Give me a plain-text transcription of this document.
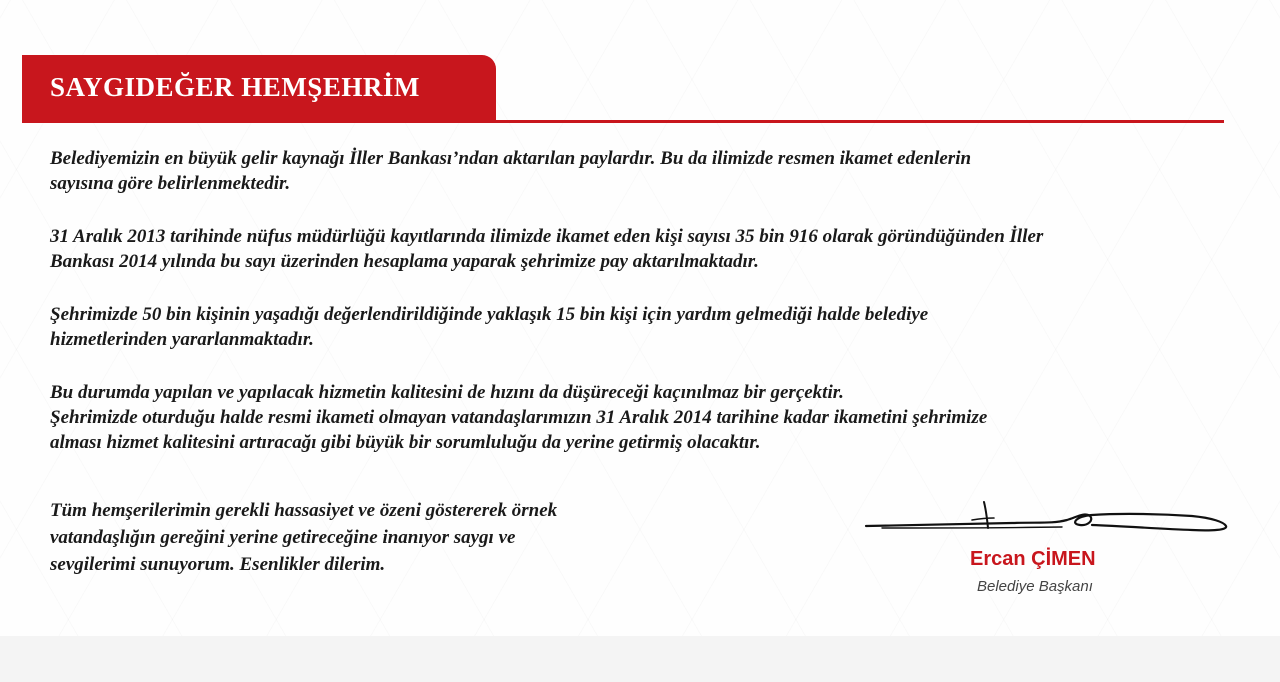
SAYGIDEĞER HEMŞEHRİM

Belediyemizin en büyük gelir kaynağı İller Bankası’ndan aktarılan paylardır. Bu da ilimizde resmen ikamet edenlerin
sayısına göre belirlenmektedir.

31 Aralık 2013 tarihinde nüfus müdürlüğü kayıtlarında ilimizde ikamet eden kişi sayısı 35 bin 916 olarak göründüğünden İller
Bankası 2014 yılında bu sayı üzerinden hesaplama yaparak şehrimize pay aktarılmaktadır.

Şehrimizde 50 bin kişinin yaşadığı değerlendirildiğinde yaklaşık 15 bin kişi için yardım gelmediği halde belediye
hizmetlerinden yararlanmaktadır.

Bu durumda yapılan ve yapılacak hizmetin kalitesini de hızını da düşüreceği kaçınılmaz bir gerçektir.
Şehrimizde oturduğu halde resmi ikameti olmayan vatandaşlarımızın 31 Aralık 2014 tarihine kadar ikametini şehrimize
alması hizmet kalitesini artıracağı gibi büyük bir sorumluluğu da yerine getirmiş olacaktır.

Tüm hemşerilerimin gerekli hassasiyet ve özeni göstererek örnek
vatandaşlığın gereğini yerine getireceğine inanıyor saygı ve
sevgilerimi sunuyorum. Esenlikler dilerim.	Ercan ÇİMEN
Belediye Başkanı
